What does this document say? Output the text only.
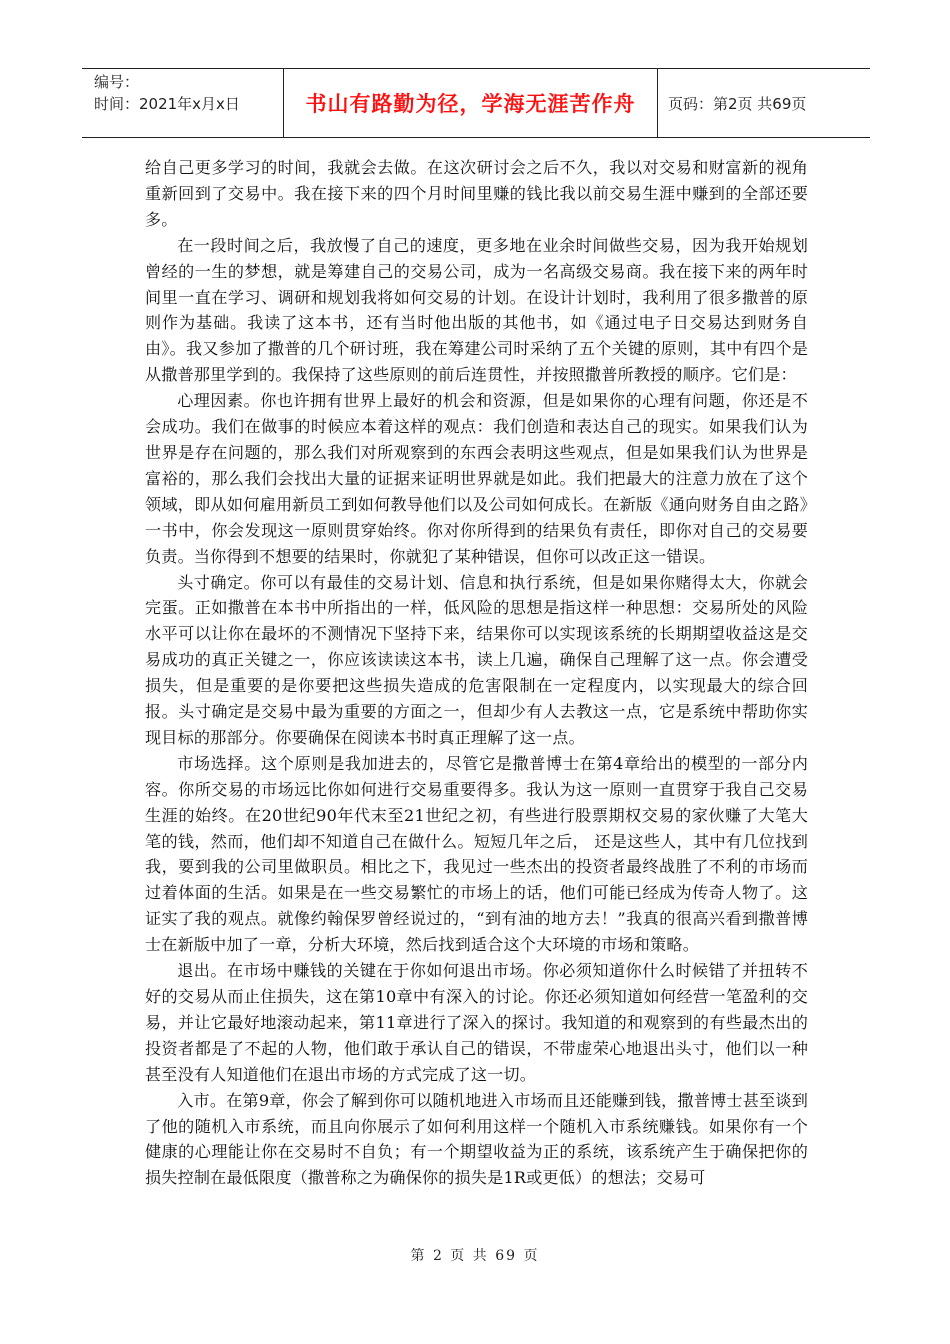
编号：
时间：2021年x月x日	书山有路勤为径，学海无涯苦作舟 页码：第2页 共69页

给自己更多学习的时间，我就会去做。在这次研讨会之后不久，我以对交易和财富新的视角重新回到了交易中。我在接下来的四个月时间里赚的钱比我以前交易生涯中赚到的全部还要多。

在一段时间之后，我放慢了自己的速度，更多地在业余时间做些交易，因为我开始规划曾经的一生的梦想，就是筹建自己的交易公司，成为一名高级交易商。我在接下来的两年时间里一直在学习、调研和规划我将如何交易的计划。在设计计划时，我利用了很多撒普的原则作为基础。我读了这本书，还有当时他出版的其他书，如《通过电子日交易达到财务自由》。我又参加了撒普的几个研讨班，我在筹建公司时采纳了五个关键的原则，其中有四个是从撒普那里学到的。我保持了这些原则的前后连贯性，并按照撒普所教授的顺序。它们是：

心理因素。你也许拥有世界上最好的机会和资源，但是如果你的心理有问题，你还是不会成功。我们在做事的时候应本着这样的观点：我们创造和表达自己的现实。如果我们认为世界是存在问题的，那么我们对所观察到的东西会表明这些观点，但是如果我们认为世界是富裕的，那么我们会找出大量的证据来证明世界就是如此。我们把最大的注意力放在了这个领域，即从如何雇用新员工到如何教导他们以及公司如何成长。在新版《通向财务自由之路》一书中，你会发现这一原则贯穿始终。你对你所得到的结果负有责任，即你对自己的交易要负责。当你得到不想要的结果时，你就犯了某种错误，但你可以改正这一错误。

头寸确定。你可以有最佳的交易计划、信息和执行系统，但是如果你赌得太大，你就会完蛋。正如撒普在本书中所指出的一样，低风险的思想是指这样一种思想：交易所处的风险水平可以让你在最坏的不测情况下坚持下来，结果你可以实现该系统的长期期望收益这是交易成功的真正关键之一，你应该读读这本书，读上几遍，确保自己理解了这一点。你会遭受损失，但是重要的是你要把这些损失造成的危害限制在一定程度内，以实现最大的综合回报。头寸确定是交易中最为重要的方面之一，但却少有人去教这一点，它是系统中帮助你实现目标的那部分。你要确保在阅读本书时真正理解了这一点。

市场选择。这个原则是我加进去的，尽管它是撒普博士在第4章给出的模型的一部分内容。你所交易的市场远比你如何进行交易重要得多。我认为这一原则一直贯穿于我自己交易生涯的始终。在20世纪90年代末至21世纪之初，有些进行股票期权交易的家伙赚了大笔大笔的钱，然而，他们却不知道自己在做什么。短短几年之后， 还是这些人，其中有几位找到我，要到我的公司里做职员。相比之下，我见过一些杰出的投资者最终战胜了不利的市场而过着体面的生活。如果是在一些交易繁忙的市场上的话，他们可能已经成为传奇人物了。这证实了我的观点。就像约翰保罗曾经说过的，“到有油的地方去！”我真的很高兴看到撒普博士在新版中加了一章，分析大环境，然后找到适合这个大环境的市场和策略。

退出。在市场中赚钱的关键在于你如何退出市场。你必须知道你什么时候错了并扭转不好的交易从而止住损失，这在第10章中有深入的讨论。你还必须知道如何经营一笔盈利的交易，并让它最好地滚动起来，第11章进行了深入的探讨。我知道的和观察到的有些最杰出的投资者都是了不起的人物，他们敢于承认自己的错误，不带虚荣心地退出头寸，他们以一种甚至没有人知道他们在退出市场的方式完成了这一切。

入市。在第9章，你会了解到你可以随机地进入市场而且还能赚到钱，撒普博士甚至谈到了他的随机入市系统，而且向你展示了如何利用这样一个随机入市系统赚钱。如果你有一个健康的心理能让你在交易时不自负；有一个期望收益为正的系统，该系统产生于确保把你的损失控制在最低限度（撒普称之为确保你的损失是1R或更低）的想法；交易可

第 2 页 共 69 页
